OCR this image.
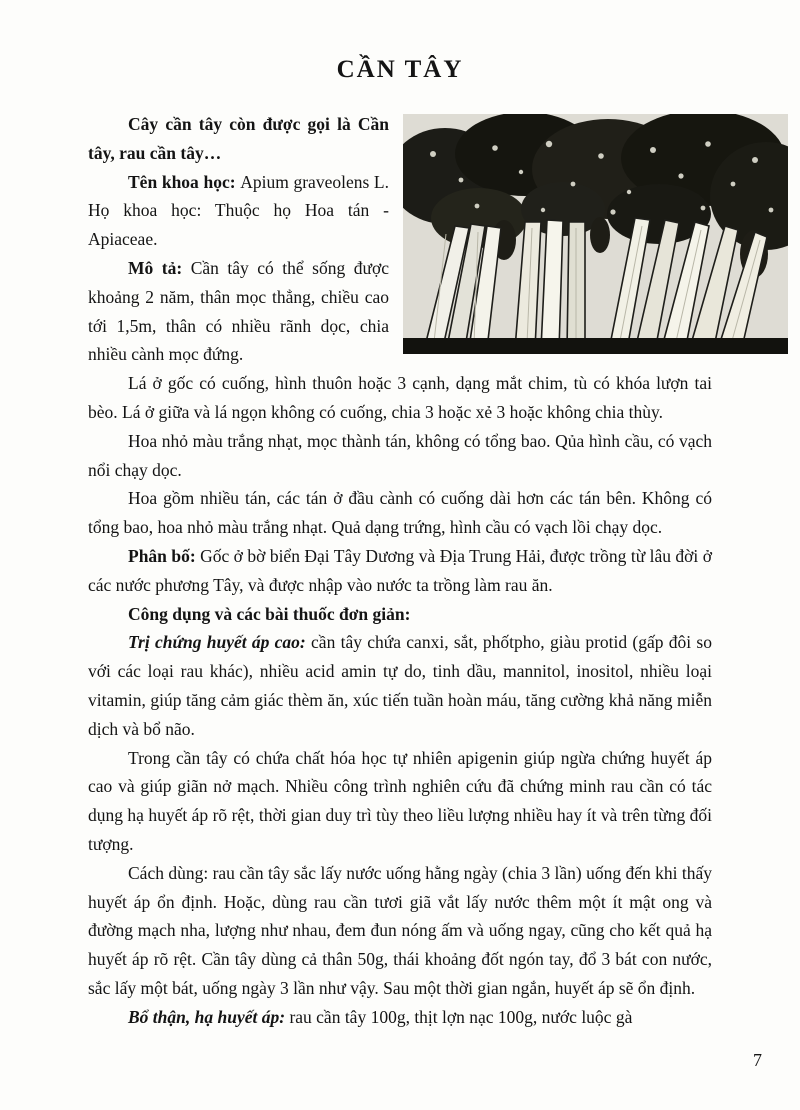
CẦN TÂY

Cây cần tây còn được gọi là Cần tây, rau cần tây…

Tên khoa học: Apium graveolens L. Họ khoa học: Thuộc họ Hoa tán - Apiaceae.

Mô tả: Cần tây có thể sống được khoảng 2 năm, thân mọc thẳng, chiều cao tới 1,5m, thân có nhiều rãnh dọc, chia nhiều cành mọc đứng.

Lá ở gốc có cuống, hình thuôn hoặc 3 cạnh, dạng mắt chim, tù có khóa lượn tai bèo. Lá ở giữa và lá ngọn không có cuống, chia 3 hoặc xẻ 3 hoặc không chia thùy.

Hoa nhỏ màu trắng nhạt, mọc thành tán, không có tổng bao. Qủa hình cầu, có vạch nổi chạy dọc.

Hoa gồm nhiều tán, các tán ở đầu cành có cuống dài hơn các tán bên. Không có tổng bao, hoa nhỏ màu trắng nhạt. Quả dạng trứng, hình cầu có vạch lồi chạy dọc.

Phân bố: Gốc ở bờ biển Đại Tây Dương và Địa Trung Hải, được trồng từ lâu đời ở các nước phương Tây, và được nhập vào nước ta trồng làm rau ăn.

Công dụng và các bài thuốc đơn giản:

Trị chứng huyết áp cao: cần tây chứa canxi, sắt, phốtpho, giàu protid (gấp đôi so với các loại rau khác), nhiều acid amin tự do, tinh dầu, mannitol, inositol, nhiều loại vitamin, giúp tăng cảm giác thèm ăn, xúc tiến tuần hoàn máu, tăng cường khả năng miễn dịch và bổ não.

Trong cần tây có chứa chất hóa học tự nhiên apigenin giúp ngừa chứng huyết áp cao và giúp giãn nở mạch. Nhiều công trình nghiên cứu đã chứng minh rau cần có tác dụng hạ huyết áp rõ rệt, thời gian duy trì tùy theo liều lượng nhiều hay ít và trên từng đối tượng.

Cách dùng: rau cần tây sắc lấy nước uống hằng ngày (chia 3 lần) uống đến khi thấy huyết áp ổn định. Hoặc, dùng rau cần tươi giã vắt lấy nước thêm một ít mật ong và đường mạch nha, lượng như nhau, đem đun nóng ấm và uống ngay, cũng cho kết quả hạ huyết áp rõ rệt. Cần tây dùng cả thân 50g, thái khoảng đốt ngón tay, đổ 3 bát con nước, sắc lấy một bát, uống ngày 3 lần như vậy. Sau một thời gian ngắn, huyết áp sẽ ổn định.

Bổ thận, hạ huyết áp: rau cần tây 100g, thịt lợn nạc 100g, nước luộc gà

7
